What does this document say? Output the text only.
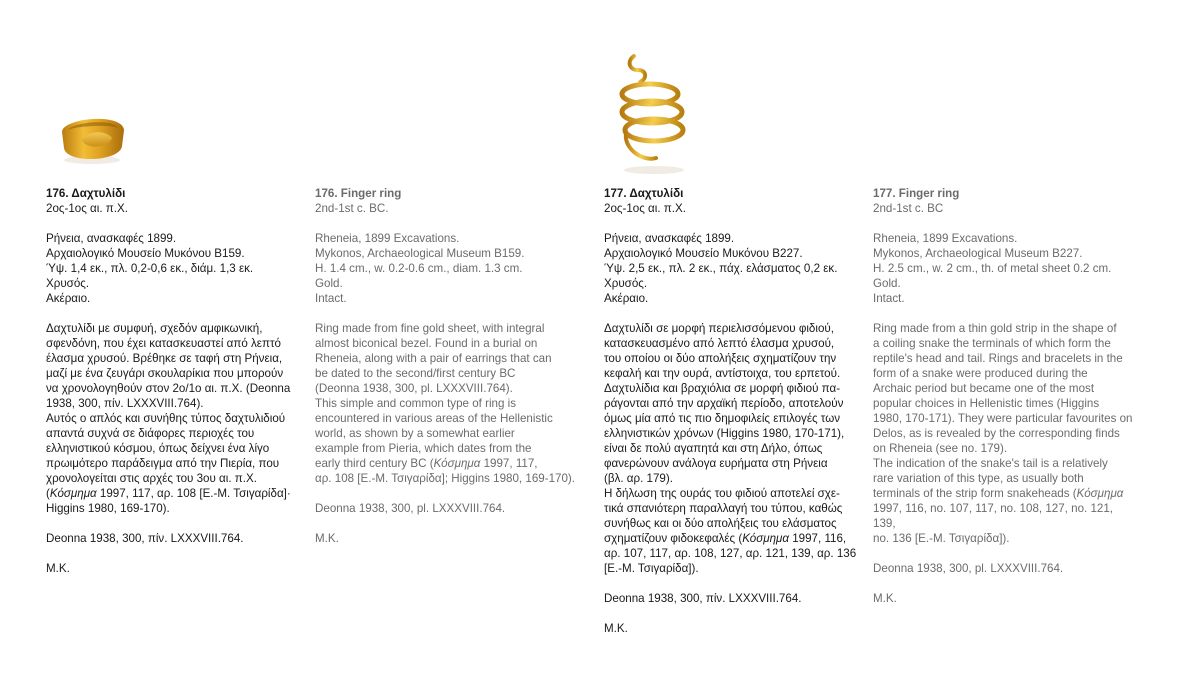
176. Δαχτυλίδι

2ος-1ος αι. π.Χ.

Ρήνεια, ανασκαφές 1899.

Αρχαιολογικό Μουσείο Μυκόνου Β159.

Ύψ. 1,4 εκ., πλ. 0,2-0,6 εκ., διάμ. 1,3 εκ.

Χρυσός.

Ακέραιο.

Δαχτυλίδι με συμφυή, σχεδόν αμφικωνική,

σφενδόνη, που έχει κατασκευαστεί από λεπτό

έλασμα χρυσού. Βρέθηκε σε ταφή στη Ρήνεια,

μαζί με ένα ζευγάρι σκουλαρίκια που μπορούν

να χρονολογηθούν στον 2ο/1ο αι. π.Χ. (Deonna

1938, 300, πίν. LXXXVIII.764).

Αυτός ο απλός και συνήθης τύπος δαχτυλιδιού

απαντά συχνά σε διάφορες περιοχές του

ελληνιστικού κόσμου, όπως δείχνει ένα λίγο

πρωιμότερο παράδειγμα από την Πιερία, που

χρονολογείται στις αρχές του 3ου αι. π.Χ.

(Κόσμημα 1997, 117, αρ. 108 [Ε.-Μ. Τσιγαρίδα]·

Higgins 1980, 169-170).

Deonna 1938, 300, πίν. LXXXVIII.764.

Μ.Κ.

176. Finger ring

2nd-1st c. BC.

Rheneia, 1899 Excavations.

Mykonos, Archaeological Museum B159.

H. 1.4 cm., w. 0.2-0.6 cm., diam. 1.3 cm.

Gold.

Intact.

Ring made from fine gold sheet, with integral

almost biconical bezel. Found in a burial on

Rheneia, along with a pair of earrings that can

be dated to the second/first century BC

(Deonna 1938, 300, pl. LXXXVIII.764).

This simple and common type of ring is

encountered in various areas of the Hellenistic

world, as shown by a somewhat earlier

example from Pieria, which dates from the

early third century BC (Κόσμημα 1997, 117,

αρ. 108 [Ε.-Μ. Τσιγαρίδα]; Higgins 1980, 169-170).

Deonna 1938, 300, pl. LXXXVIII.764.

M.K.

177. Δαχτυλίδι

2ος-1ος αι. π.Χ.

Ρήνεια, ανασκαφές 1899.

Αρχαιολογικό Μουσείο Μυκόνου Β227.

Ύψ. 2,5 εκ., πλ. 2 εκ., πάχ. ελάσματος 0,2 εκ.

Χρυσός.

Ακέραιο.

Δαχτυλίδι σε μορφή περιελισσόμενου φιδιού,

κατασκευασμένο από λεπτό έλασμα χρυσού,

του οποίου οι δύο απολήξεις σχηματίζουν την

κεφαλή και την ουρά, αντίστοιχα, του ερπετού.

Δαχτυλίδια και βραχιόλια σε μορφή φιδιού πα-

ράγονται από την αρχαϊκή περίοδο, αποτελούν

όμως μία από τις πιο δημοφιλείς επιλογές των

ελληνιστικών χρόνων (Higgins 1980, 170-171),

είναι δε πολύ αγαπητά και στη Δήλο, όπως

φανερώνουν ανάλογα ευρήματα στη Ρήνεια

(βλ. αρ. 179).

Η δήλωση της ουράς του φιδιού αποτελεί σχε-

τικά σπανιότερη παραλλαγή του τύπου, καθώς

συνήθως και οι δύο απολήξεις του ελάσματος

σχηματίζουν φιδοκεφαλές (Κόσμημα 1997, 116,

αρ. 107, 117, αρ. 108, 127, αρ. 121, 139, αρ. 136

[Ε.-Μ. Τσιγαρίδα]).

Deonna 1938, 300, πίν. LXXXVIII.764.

Μ.Κ.

177. Finger ring

2nd-1st c. BC

Rheneia, 1899 Excavations.

Mykonos, Archaeological Museum B227.

H. 2.5 cm., w. 2 cm., th. of metal sheet 0.2 cm.

Gold.

Intact.

Ring made from a thin gold strip in the shape of

a coiling snake the terminals of which form the

reptile's head and tail. Rings and bracelets in the

form of a snake were produced during the

Archaic period but became one of the most

popular choices in Hellenistic times (Higgins

1980, 170-171). They were particular favourites on

Delos, as is revealed by the corresponding finds

on Rheneia (see no. 179).

The indication of the snake's tail is a relatively

rare variation of this type, as usually both

terminals of the strip form snakeheads (Κόσμημα

1997, 116, no. 107, 117, no. 108, 127, no. 121, 139,

no. 136 [Ε.-Μ. Τσιγαρίδα]).

Deonna 1938, 300, pl. LXXXVIII.764.

M.K.
